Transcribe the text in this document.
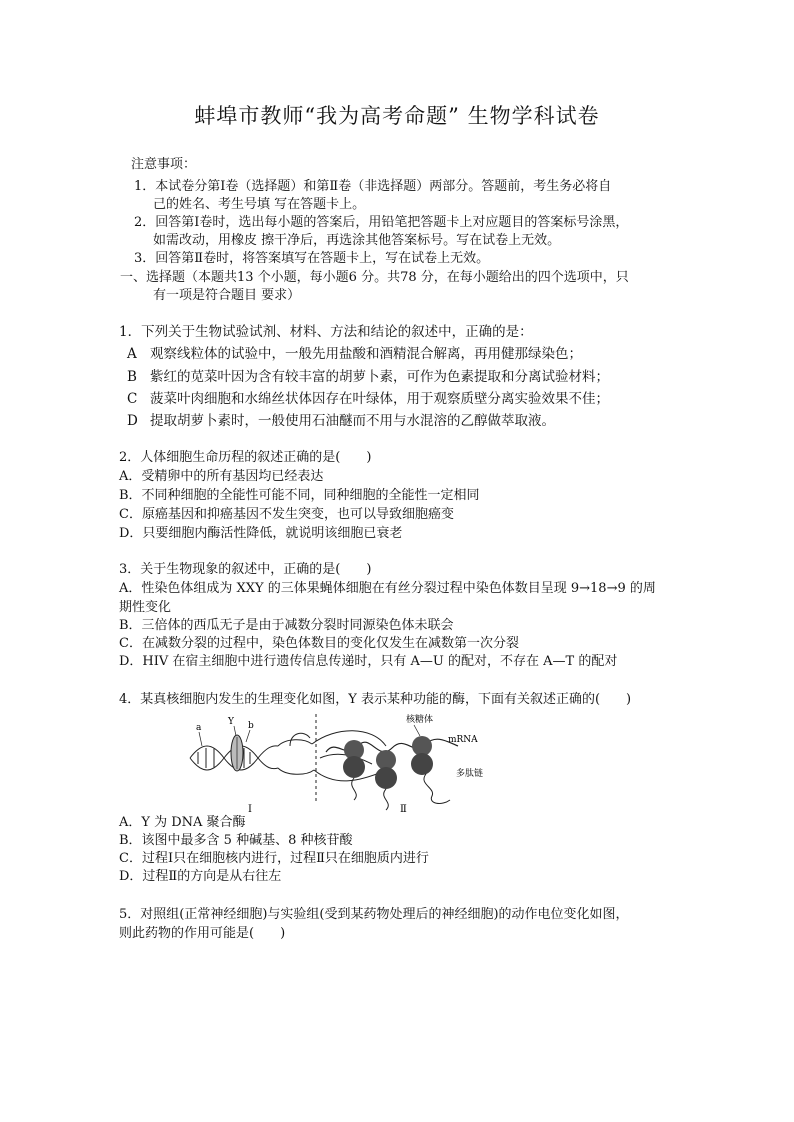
蚌埠市教师“我为高考命题” 生物学科试卷
注意事项：
1．本试卷分第Ⅰ卷（选择题）和第Ⅱ卷（非选择题）两部分。答题前，考生务必将自
己的姓名、考生号填 写在答题卡上。
2．回答第Ⅰ卷时，选出每小题的答案后，用铅笔把答题卡上对应题目的答案标号涂黑，
如需改动，用橡皮 擦干净后，再选涂其他答案标号。写在试卷上无效。
3．回答第Ⅱ卷时，将答案填写在答题卡上，写在试卷上无效。
一、选择题（本题共13 个小题，每小题6 分。共78 分，在每小题给出的四个选项中，只
有一项是符合题目 要求）
1．下列关于生物试验试剂、材料、方法和结论的叙述中，正确的是：
A 观察线粒体的试验中，一般先用盐酸和酒精混合解离，再用健那绿染色；
B 紫红的苋菜叶因为含有较丰富的胡萝卜素，可作为色素提取和分离试验材料；
C 菠菜叶肉细胞和水绵丝状体因存在叶绿体，用于观察质壁分离实验效果不佳；
D 提取胡萝卜素时，一般使用石油醚而不用与水混溶的乙醇做萃取液。
2．人体细胞生命历程的叙述正确的是(　　)
A．受精卵中的所有基因均已经表达
B．不同种细胞的全能性可能不同，同种细胞的全能性一定相同
C．原癌基因和抑癌基因不发生突变，也可以导致细胞癌变
D．只要细胞内酶活性降低，就说明该细胞已衰老
3．关于生物现象的叙述中，正确的是(　　)
A．性染色体组成为 XXY 的三体果蝇体细胞在有丝分裂过程中染色体数目呈现 9→18→9 的周
期性变化
B．三倍体的西瓜无子是由于减数分裂时同源染色体未联会
C．在减数分裂的过程中，染色体数目的变化仅发生在减数第一次分裂
D．HIV 在宿主细胞中进行遗传信息传递时，只有 A—U 的配对，不存在 A—T 的配对
4．某真核细胞内发生的生理变化如图，Y 表示某种功能的酶，下面有关叙述正确的(　　)
a
Y b
Ⅰ
核糖体
mRNA
多肽链
Ⅱ
A．Y 为 DNA 聚合酶
B．该图中最多含 5 种碱基、8 种核苷酸
C．过程Ⅰ只在细胞核内进行，过程Ⅱ只在细胞质内进行
D．过程Ⅱ的方向是从右往左
5．对照组(正常神经细胞)与实验组(受到某药物处理后的神经细胞)的动作电位变化如图，
则此药物的作用可能是(　　)
